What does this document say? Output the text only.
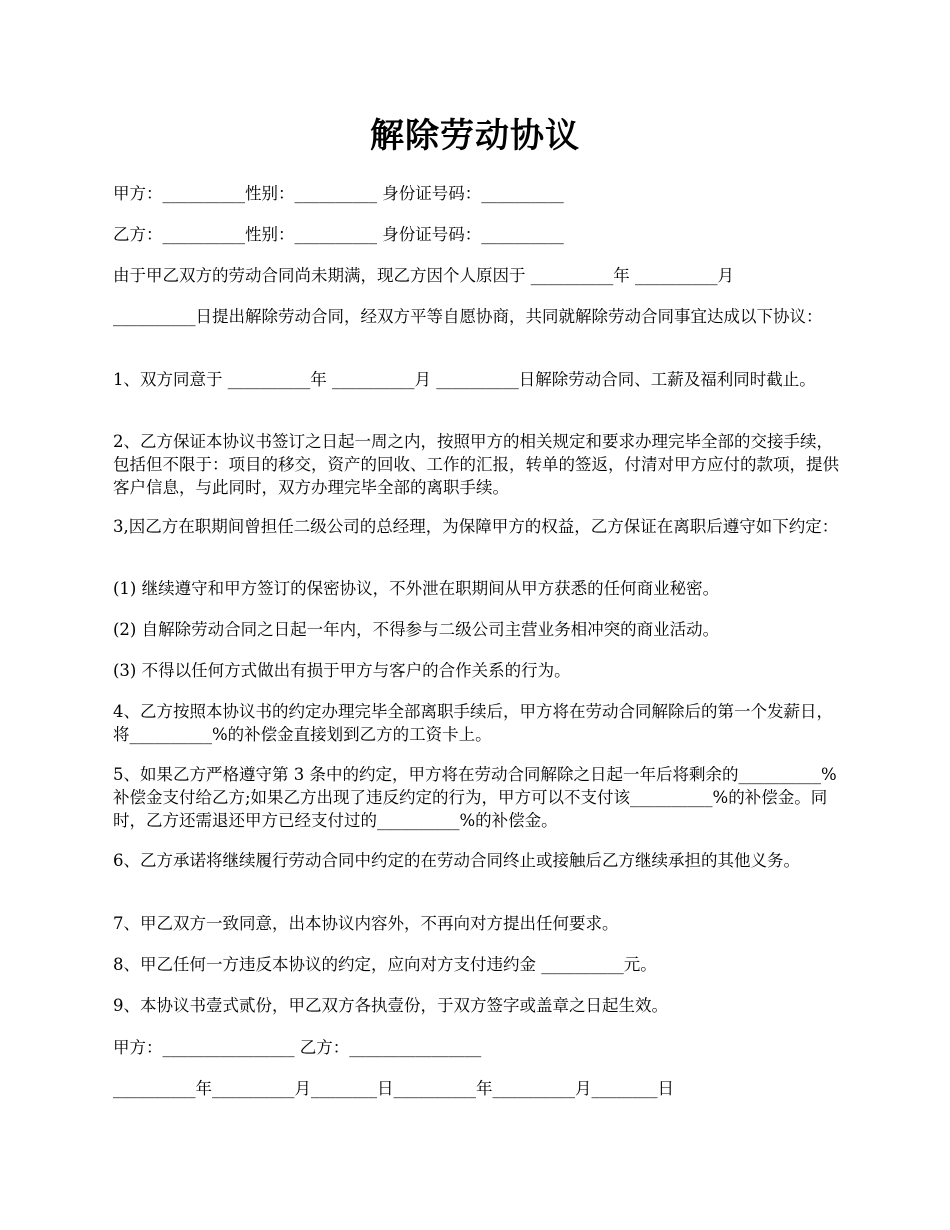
解除劳动协议

甲方：__________性别：__________ 身份证号码：__________

乙方：__________性别：__________ 身份证号码：__________

由于甲乙双方的劳动合同尚未期满，现乙方因个人原因于 __________年 __________月

__________日提出解除劳动合同，经双方平等自愿协商，共同就解除劳动合同事宜达成以下协议：

1、双方同意于 __________年 __________月 __________日解除劳动合同、工薪及福利同时截止。

2、乙方保证本协议书签订之日起一周之内，按照甲方的相关规定和要求办理完毕全部的交接手续，包括但不限于：项目的移交，资产的回收、工作的汇报，转单的签返，付清对甲方应付的款项，提供客户信息，与此同时，双方办理完毕全部的离职手续。

3,因乙方在职期间曾担任二级公司的总经理，为保障甲方的权益，乙方保证在离职后遵守如下约定：

(1) 继续遵守和甲方签订的保密协议，不外泄在职期间从甲方获悉的任何商业秘密。

(2) 自解除劳动合同之日起一年内，不得参与二级公司主营业务相冲突的商业活动。

(3) 不得以任何方式做出有损于甲方与客户的合作关系的行为。

4、乙方按照本协议书的约定办理完毕全部离职手续后，甲方将在劳动合同解除后的第一个发薪日，将__________%的补偿金直接划到乙方的工资卡上。

5、如果乙方严格遵守第 3 条中的约定，甲方将在劳动合同解除之日起一年后将剩余的__________%补偿金支付给乙方;如果乙方出现了违反约定的行为，甲方可以不支付该__________%的补偿金。同时，乙方还需退还甲方已经支付过的__________%的补偿金。

6、乙方承诺将继续履行劳动合同中约定的在劳动合同终止或接触后乙方继续承担的其他义务。

7、甲乙双方一致同意，出本协议内容外，不再向对方提出任何要求。

8、甲乙任何一方违反本协议的约定，应向对方支付违约金 __________元。

9、本协议书壹式贰份，甲乙双方各执壹份，于双方签字或盖章之日起生效。

甲方：________________ 乙方：________________

__________年__________月________日__________年__________月________日
